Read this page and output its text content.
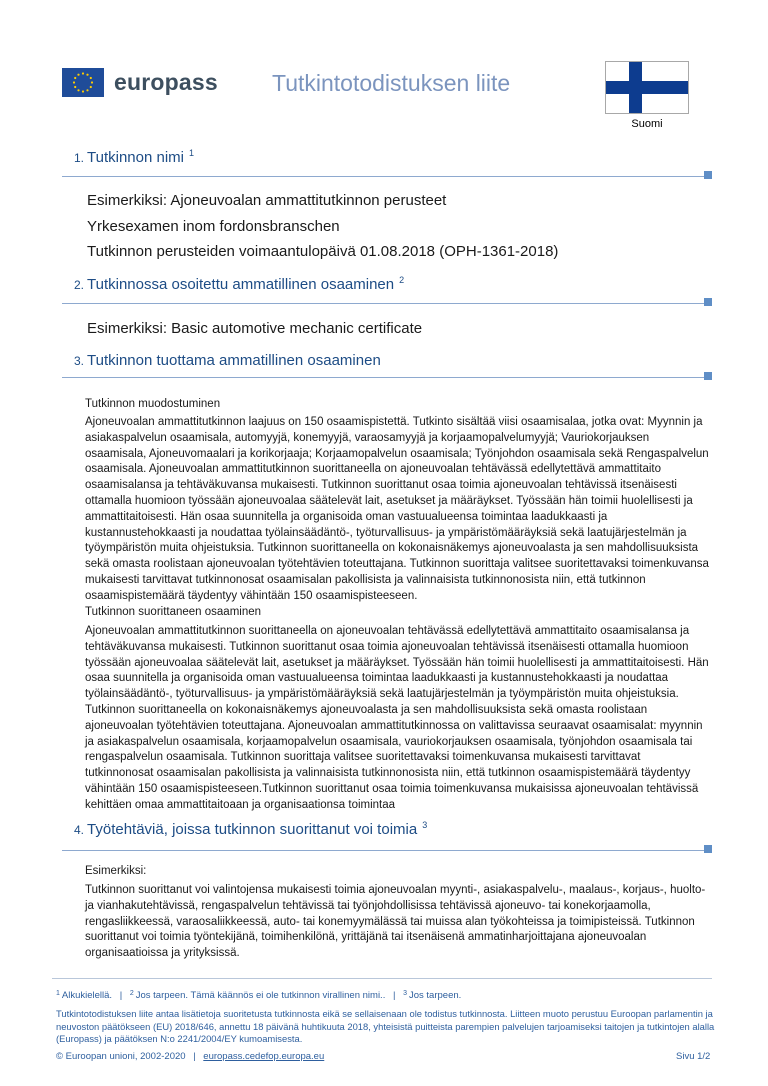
europass Tutkintotodistuksen liite
Suomi
1. Tutkinnon nimi 1
Esimerkiksi: Ajoneuvoalan ammattitutkinnon perusteet
Yrkesexamen inom fordonsbranschen
Tutkinnon perusteiden voimaantulopäivä 01.08.2018 (OPH-1361-2018)
2. Tutkinnossa osoitettu ammatillinen osaaminen 2
Esimerkiksi: Basic automotive mechanic certificate
3. Tutkinnon tuottama ammatillinen osaaminen
Tutkinnon muodostuminen

Ajoneuvoalan ammattitutkinnon laajuus on 150 osaamispistettä. Tutkinto sisältää viisi osaamisalaa, jotka ovat: Myynnin ja asiakaspalvelun osaamisala, automyyjä, konemyyjä, varaosamyyjä ja korjaamopalvelumyyjä; Vauriokorjauksen osaamisala, Ajoneuvomaalari ja korikorjaaja; Korjaamopalvelun osaamisala; Työnjohdon osaamisala sekä Rengaspalvelun osaamisala. Ajoneuvoalan ammattitutkinnon suorittaneella on ajoneuvoalan tehtävässä edellytettävä ammattitaito osaamisalansa ja tehtäväkuvansa mukaisesti. Tutkinnon suorittanut osaa toimia ajoneuvoalan tehtävissä itsenäisesti ottamalla huomioon työssään ajoneuvoalaa säätelevät lait, asetukset ja määräykset. Työssään hän toimii huolellisesti ja ammattitaitoisesti. Hän osaa suunnitella ja organisoida oman vastuualueensa toimintaa laadukkaasti ja kustannustehokkaasti ja noudattaa työlainsäädäntö-, työturvallisuus- ja ympäristömääräyksiä sekä laatujärjestelmän ja työympäristön muita ohjeistuksia. Tutkinnon suorittaneella on kokonaisnäkemys ajoneuvoalasta ja sen mahdollisuuksista sekä omasta roolistaan ajoneuvoalan työtehtävien toteuttajana. Tutkinnon suorittaja valitsee suoritettavaksi toimenkuvansa mukaisesti tarvittavat tutkinnonosat osaamisalan pakollisista ja valinnaisista tutkinnonosista niin, että tutkinnon osaamispistemäärä täydentyy vähintään 150 osaamispisteeseen.

Tutkinnon suorittaneen osaaminen

Ajoneuvoalan ammattitutkinnon suorittaneella on ajoneuvoalan tehtävässä edellytettävä ammattitaito osaamisalansa ja tehtäväkuvansa mukaisesti. Tutkinnon suorittanut osaa toimia ajoneuvoalan tehtävissä itsenäisesti ottamalla huomioon työssään ajoneuvoalaa säätelevät lait, asetukset ja määräykset. Työssään hän toimii huolellisesti ja ammattitaitoisesti. Hän osaa suunnitella ja organisoida oman vastuualueensa toimintaa laadukkaasti ja kustannustehokkaasti ja noudattaa työlainsäädäntö-, työturvallisuus- ja ympäristömääräyksiä sekä laatujärjestelmän ja työympäristön muita ohjeistuksia. Tutkinnon suorittaneella on kokonaisnäkemys ajoneuvoalasta ja sen mahdollisuuksista sekä omasta roolistaan ajoneuvoalan työtehtävien toteuttajana. Ajoneuvoalan ammattitutkinnossa on valittavissa seuraavat osaamisalat: myynnin ja asiakaspalvelun osaamisala, korjaamopalvelun osaamisala, vauriokorjauksen osaamisala, työnjohdon osaamisala tai rengaspalvelun osaamisala. Tutkinnon suorittaja valitsee suoritettavaksi toimenkuvansa mukaisesti tarvittavat tutkinnonosat osaamisalan pakollisista ja valinnaisista tutkinnonosista niin, että tutkinnon osaamispistemäärä täydentyy vähintään 150 osaamispisteeseen.Tutkinnon suorittanut osaa toimia toimenkuvansa mukaisissa ajoneuvoalan tehtävissä kehittäen omaa ammattitaitoaan ja organisaationsa toimintaa

4. Työtehtäviä, joissa tutkinnon suorittanut voi toimia 3
Esimerkiksi:

Tutkinnon suorittanut voi valintojensa mukaisesti toimia ajoneuvoalan myynti-, asiakaspalvelu-, maalaus-, korjaus-, huolto- ja vianhakutehtävissä, rengaspalvelun tehtävissä tai työnjohdollisissa tehtävissä ajoneuvo- tai konekorjaamolla, rengasliikkeessä, varaosaliikkeessä, auto- tai konemyymälässä tai muissa alan työkohteissa ja toimipisteissä. Tutkinnon suorittanut voi toimia työntekijänä, toimihenkilönä, yrittäjänä tai itsenäisenä ammatinharjoittajana ajoneuvoalan organisaatioissa ja yrityksissä.

$^1$ Alkukielellä. | $^2$ Jos tarpeen. Tämä käännös ei ole tutkinnon virallinen nimi.. | $^3$ Jos tarpeen.

Tutkintotodistuksen liite antaa lisätietoja suoritetusta tutkinnosta eikä se sellaisenaan ole todistus tutkinnosta. Liitteen muoto perustuu Euroopan parlamentin ja neuvoston päätökseen (EU) 2018/646, annettu 18 päivänä huhtikuuta 2018, yhteisistä puitteista parempien palvelujen tarjoamiseksi taitojen ja tutkintojen alalla (Europass) ja päätöksen N:o 2241/2004/EY kumoamisesta.

© Euroopan unioni, 2002-2020 | europass.cedefop.europa.eu	Sivu 1/2
